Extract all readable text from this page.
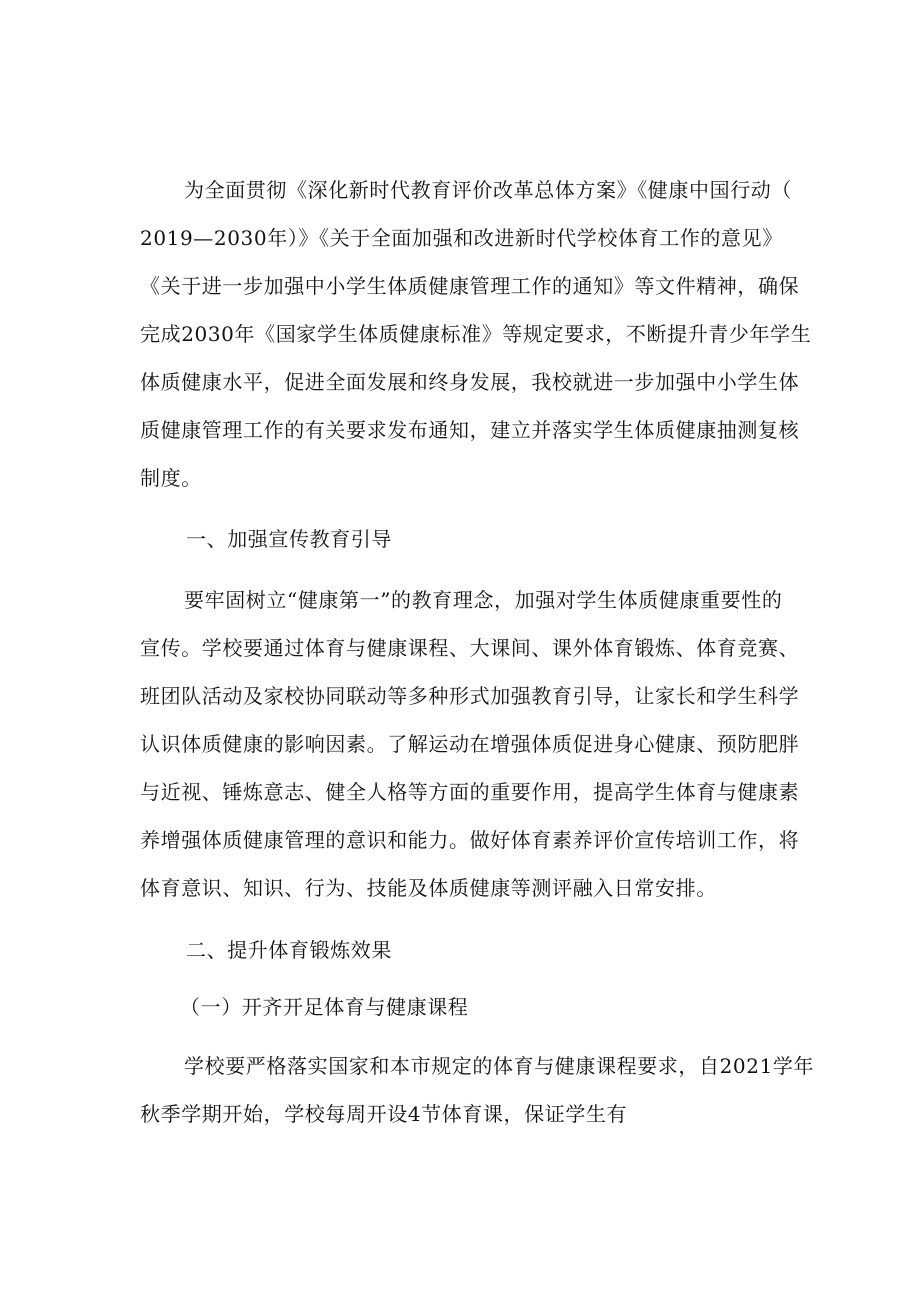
为全面贯彻《深化新时代教育评价改革总体方案》《健康中国行动（
2019—2030年）》《关于全面加强和改进新时代学校体育工作的意见》
《关于进一步加强中小学生体质健康管理工作的通知》等文件精神，确保
完成2030年《国家学生体质健康标准》等规定要求，不断提升青少年学生
体质健康水平，促进全面发展和终身发展，我校就进一步加强中小学生体
质健康管理工作的有关要求发布通知，建立并落实学生体质健康抽测复核
制度。
一、加强宣传教育引导
要牢固树立“健康第一”的教育理念，加强对学生体质健康重要性的
宣传。学校要通过体育与健康课程、大课间、课外体育锻炼、体育竞赛、
班团队活动及家校协同联动等多种形式加强教育引导，让家长和学生科学
认识体质健康的影响因素。了解运动在增强体质促进身心健康、预防肥胖
与近视、锤炼意志、健全人格等方面的重要作用，提高学生体育与健康素
养增强体质健康管理的意识和能力。做好体育素养评价宣传培训工作，将
体育意识、知识、行为、技能及体质健康等测评融入日常安排。
二、提升体育锻炼效果
（一）开齐开足体育与健康课程
学校要严格落实国家和本市规定的体育与健康课程要求，自2021学年
秋季学期开始，学校每周开设4节体育课，保证学生有
